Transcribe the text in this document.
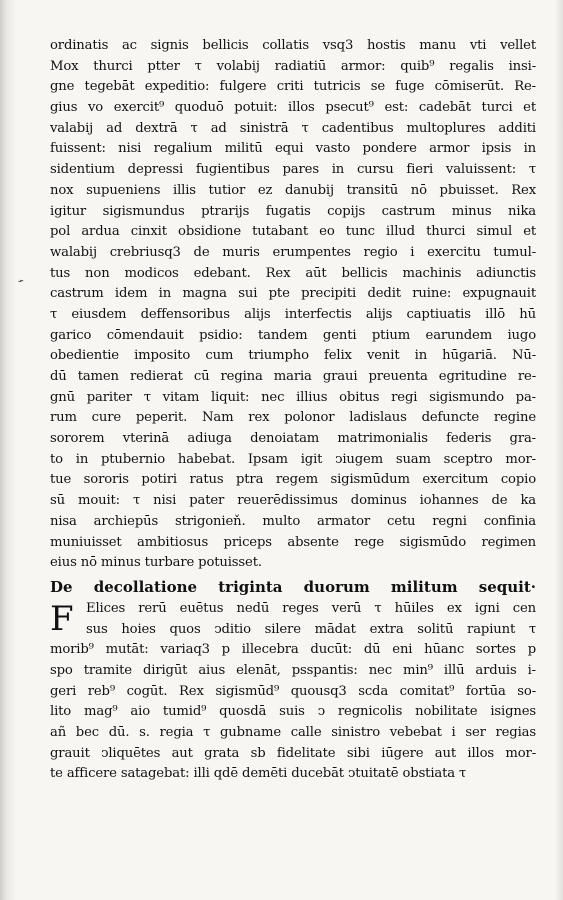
⌁
ordinatis ac signis bellicis collatis vsq3 hostis manu vti vellet
Mox thurci ptter τ volabij radiatiū armor: quib⁹ regalis insi-
gne tegebāt expeditio: fulgere criti tutricis se fuge cōmiserūt. Re-
gius vo exercit⁹ quoduō potuit: illos psecut⁹ est: cadebāt turci et
valabij ad dextrā τ ad sinistrā τ cadentibus multoplures additi
fuissent: nisi regalium militū equi vasto pondere armor ipsis in
sidentium depressi fugientibus pares in cursu fieri valuissent: τ
nox supueniens illis tutior ez danubij transitū nō pbuisset. Rex
igitur sigismundus ptrarijs fugatis copijs castrum minus nika
pol ardua cinxit obsidione tutabant eo tunc illud thurci simul et
walabij crebriusq3 de muris erumpentes regio i exercitu tumul-
tus non modicos edebant. Rex aūt bellicis machinis adiunctis
castrum idem in magna sui pte precipiti dedit ruine: expugnauit
τ eiusdem deffensoribus alijs interfectis alijs captiuatis illō hū
garico cōmendauit psidio: tandem genti ptium earundem iugo
obedientie imposito cum triumpho felix venit in hūgariā. Nū-
dū tamen redierat cū regina maria graui preuenta egritudine re-
gnū pariter τ vitam liquit: nec illius obitus regi sigismundo pa-
rum cure peperit. Nam rex polonor ladislaus defuncte regine
sororem vterinā adiuga denoiatam matrimonialis federis gra-
to in ptubernio habebat. Ipsam igit ↄiugem suam sceptro mor-
tue sororis potiri ratus ptra regem sigismūdum exercitum copio
sū mouit: τ nisi pater reuerēdissimus dominus iohannes de ka
nisa archiepūs strigonieň. multo armator cetu regni confinia
muniuisset ambitiosus priceps absente rege sigismūdo regimen
eius nō minus turbare potuisset.
De decollatione triginta duorum militum sequit·
F Elices rerū euētus nedū reges verū τ hūiles ex igni cen
sus hoies quos ↄditio silere mādat extra solitū rapiunt τ
morib⁹ mutāt: variaq3 p illecebra ducūt: dū eni hūanc sortes p
spo tramite dirigūt aius elenāt, psspantis: nec min⁹ illū arduis i-
geri reb⁹ cogūt. Rex sigismūd⁹ quousq3 scda comitat⁹ fortūa so-
lito mag⁹ aio tumid⁹ quosdā suis ↄ regnicolis nobilitate isignes
añ bec dū. s. regia τ gubname calle sinistro vebebat i ser regias
grauit ↄliquētes aut grata sb fidelitate sibi iūgere aut illos mor-
te afficere satagebat: illi qdē demēti ducebāt ↄtuitatē obstiata τ
